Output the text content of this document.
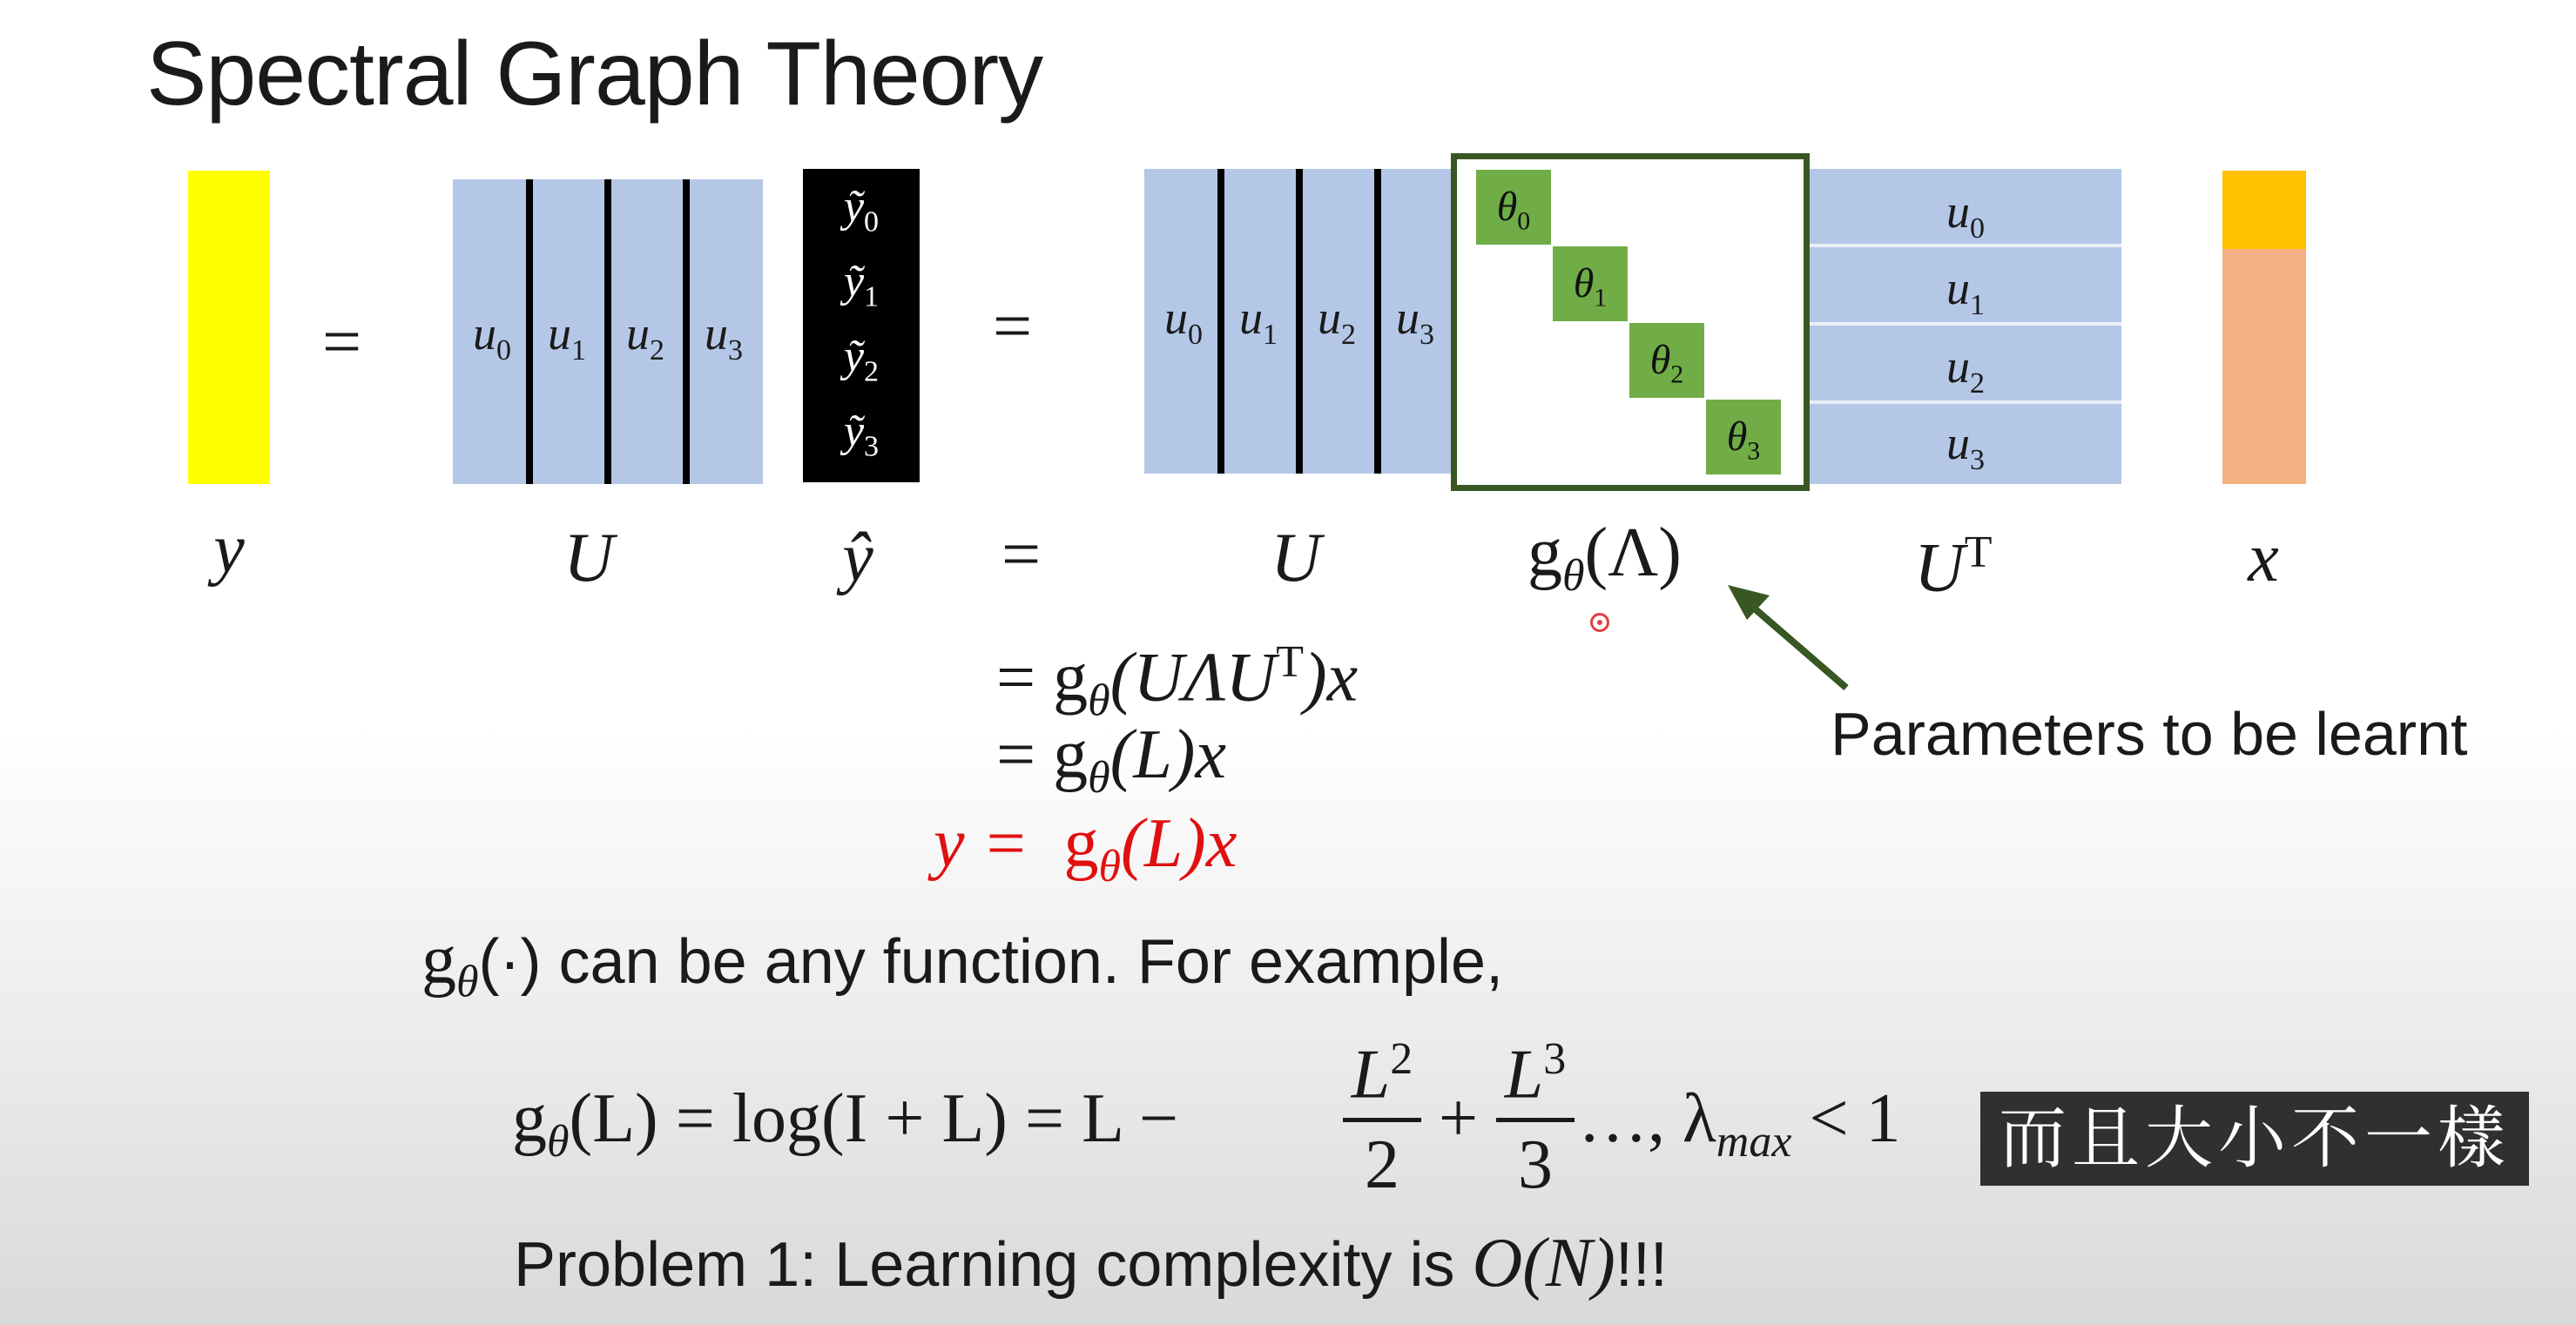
Spectral Graph Theory
= $u_0$ $u_1$ $u_2$ $u_3$
ỹ$_0$
ỹ$_1$
ỹ$_2$
ỹ$_3$
=	$u_0$ $u_1$ $u_2$ $u_3$
$\theta_0$
$\theta_1$
$\theta_2$
$\theta_3$
$u_0$
$u_1$
$u_2$
$u_3$
y	U	ŷ =	U	$g_\theta(\Lambda)$	$U^T$	x
Parameters to be learnt
= $g_\theta(U\Lambda U^T)x$
= $g_\theta(L)x$
$y = g_\theta(L)x$
$g_\theta(\cdot)$ can be any function. For example,
$g_\theta(L) = \log(I + L) = L$ −
$L^2$
2
+
$L^3$
3
…, $\lambda_{max} < 1$
Problem 1: Learning complexity is O(N)!!!
而且大小不一樣
